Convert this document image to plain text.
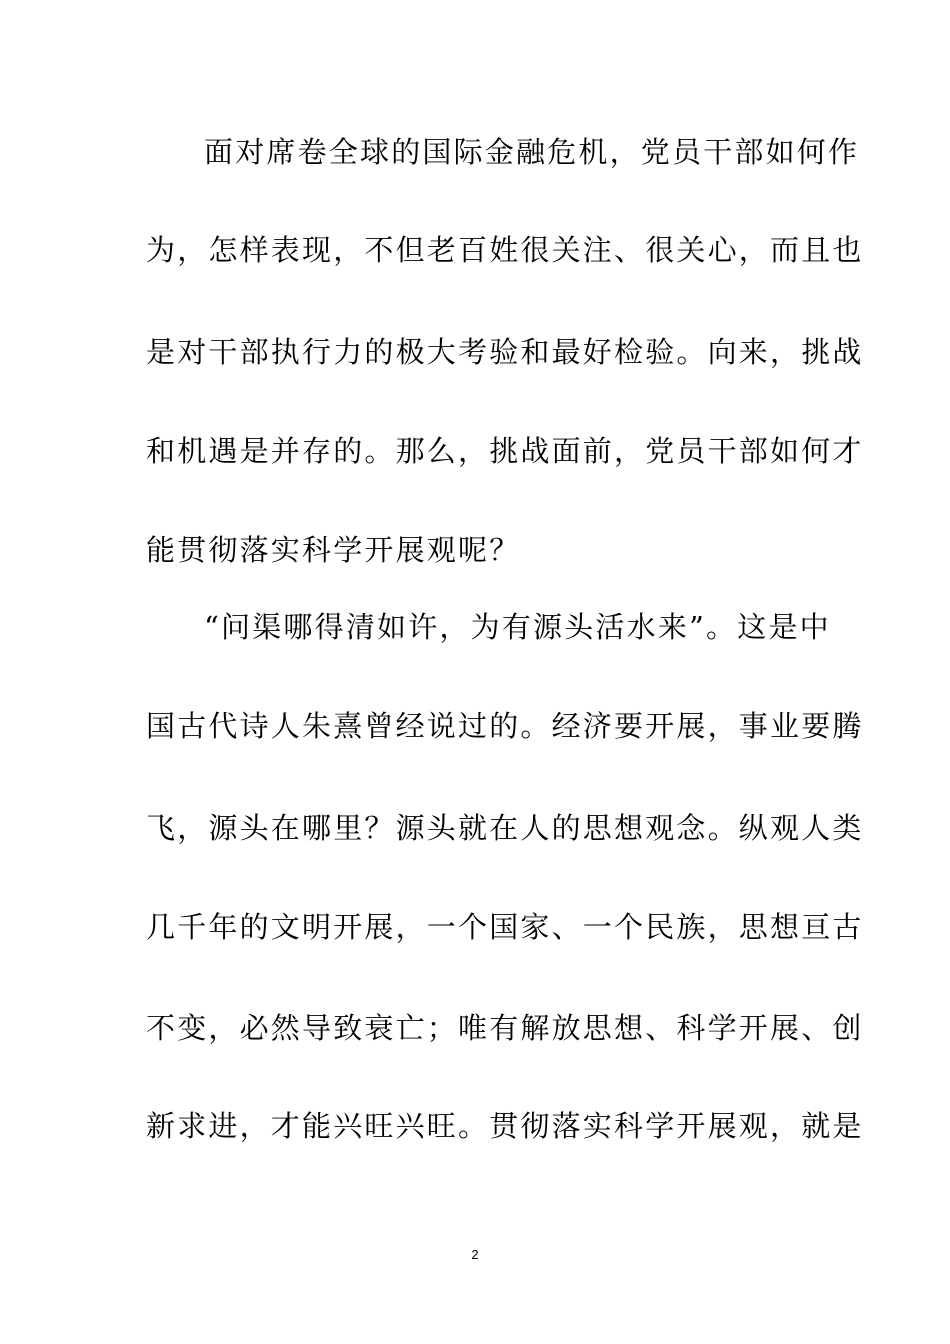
面对席卷全球的国际金融危机，党员干部如何作
为，怎样表现，不但老百姓很关注、很关心，而且也
是对干部执行力的极大考验和最好检验。向来，挑战
和机遇是并存的。那么，挑战面前，党员干部如何才
能贯彻落实科学开展观呢？
“问渠哪得清如许，为有源头活水来”。这是中
国古代诗人朱熹曾经说过的。经济要开展，事业要腾
飞，源头在哪里？源头就在人的思想观念。纵观人类
几千年的文明开展，一个国家、一个民族，思想亘古
不变，必然导致衰亡；唯有解放思想、科学开展、创
新求进，才能兴旺兴旺。贯彻落实科学开展观，就是
2
